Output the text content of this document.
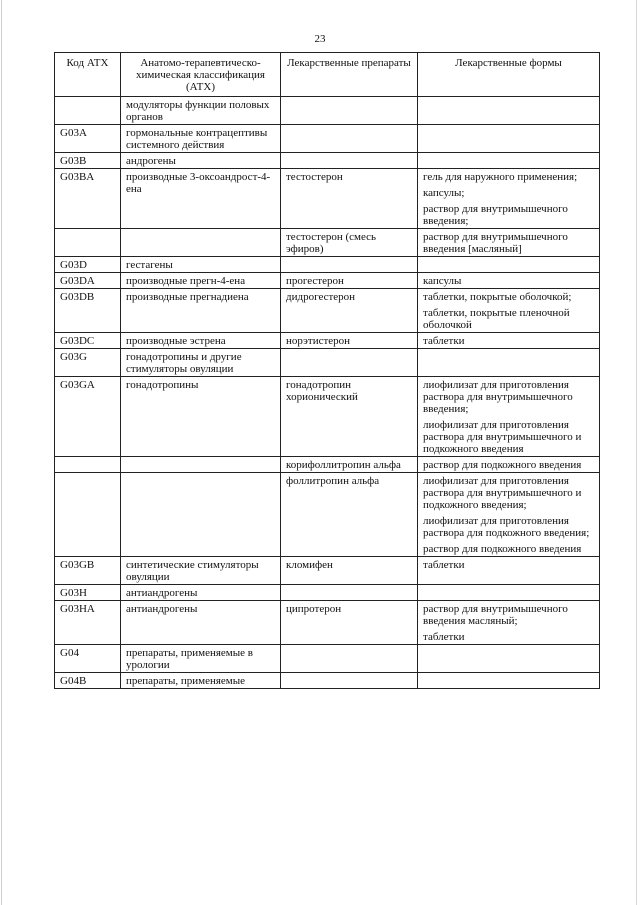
23
Код АТХ	Анатомо-терапевтическо-химическая классификация (АТХ)	Лекарственные препараты	Лекарственные формы
	модуляторы функции половых органов		

G03A	гормональные контрацептивы системного действия		

G03B	андрогены		

G03BA	производные 3-оксоандрост-4-ена	тестостерон	гель для наружного применения;
капсулы;
раствор для внутримышечного введения;

		тестостерон (смесь эфиров)	раствор для внутримышечного введения [масляный]

G03D	гестагены		

G03DA	производные прегн-4-ена	прогестерон	капсулы

G03DB	производные прегнадиена	дидрогестерон	таблетки, покрытые оболочкой;
таблетки, покрытые пленочной оболочкой

G03DC	производные эстрена	норэтистерон	таблетки

G03G	гонадотропины и другие стимуляторы овуляции		

G03GA	гонадотропины	гонадотропин хорионический	лиофилизат для приготовления раствора для внутримышечного введения;
лиофилизат для приготовления раствора для внутримышечного и подкожного введения

		корифоллитропин альфа	раствор для подкожного введения

		фоллитропин альфа	лиофилизат для приготовления раствора для внутримышечного и подкожного введения;
лиофилизат для приготовления раствора для подкожного введения;
раствор для подкожного введения

G03GB	синтетические стимуляторы овуляции	кломифен	таблетки

G03H	антиандрогены		

G03HA	антиандрогены	ципротерон	раствор для внутримышечного введения масляный;
таблетки

G04	препараты, применяемые в урологии		

G04B	препараты, применяемые		
